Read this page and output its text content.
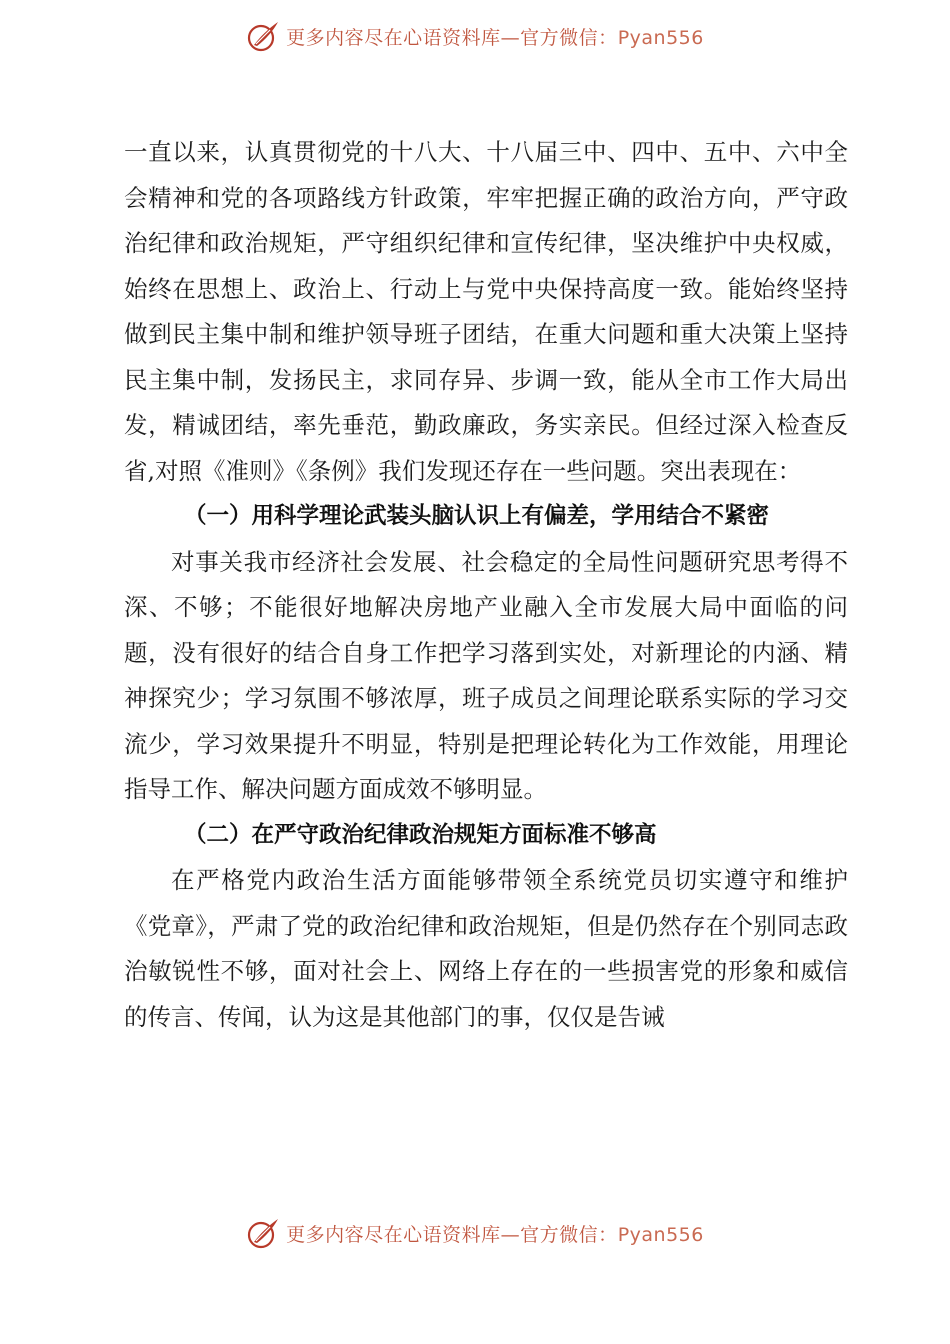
更多内容尽在心语资料库—官方微信：Pyan556

一直以来，认真贯彻党的十八大、十八届三中、四中、五中、六中全会精神和党的各项路线方针政策，牢牢把握正确的政治方向，严守政治纪律和政治规矩，严守组织纪律和宣传纪律，坚决维护中央权威，始终在思想上、政治上、行动上与党中央保持高度一致。能始终坚持做到民主集中制和维护领导班子团结，在重大问题和重大决策上坚持民主集中制，发扬民主，求同存异、步调一致，能从全市工作大局出发，精诚团结，率先垂范，勤政廉政，务实亲民。但经过深入检查反省,对照《准则》《条例》我们发现还存在一些问题。突出表现在：

（一）用科学理论武装头脑认识上有偏差，学用结合不紧密

对事关我市经济社会发展、社会稳定的全局性问题研究思考得不深、不够；不能很好地解决房地产业融入全市发展大局中面临的问题，没有很好的结合自身工作把学习落到实处，对新理论的内涵、精神探究少；学习氛围不够浓厚，班子成员之间理论联系实际的学习交流少，学习效果提升不明显，特别是把理论转化为工作效能，用理论指导工作、解决问题方面成效不够明显。

（二）在严守政治纪律政治规矩方面标准不够高

在严格党内政治生活方面能够带领全系统党员切实遵守和维护《党章》，严肃了党的政治纪律和政治规矩，但是仍然存在个别同志政治敏锐性不够，面对社会上、网络上存在的一些损害党的形象和威信的传言、传闻，认为这是其他部门的事，仅仅是告诫

更多内容尽在心语资料库—官方微信：Pyan556
